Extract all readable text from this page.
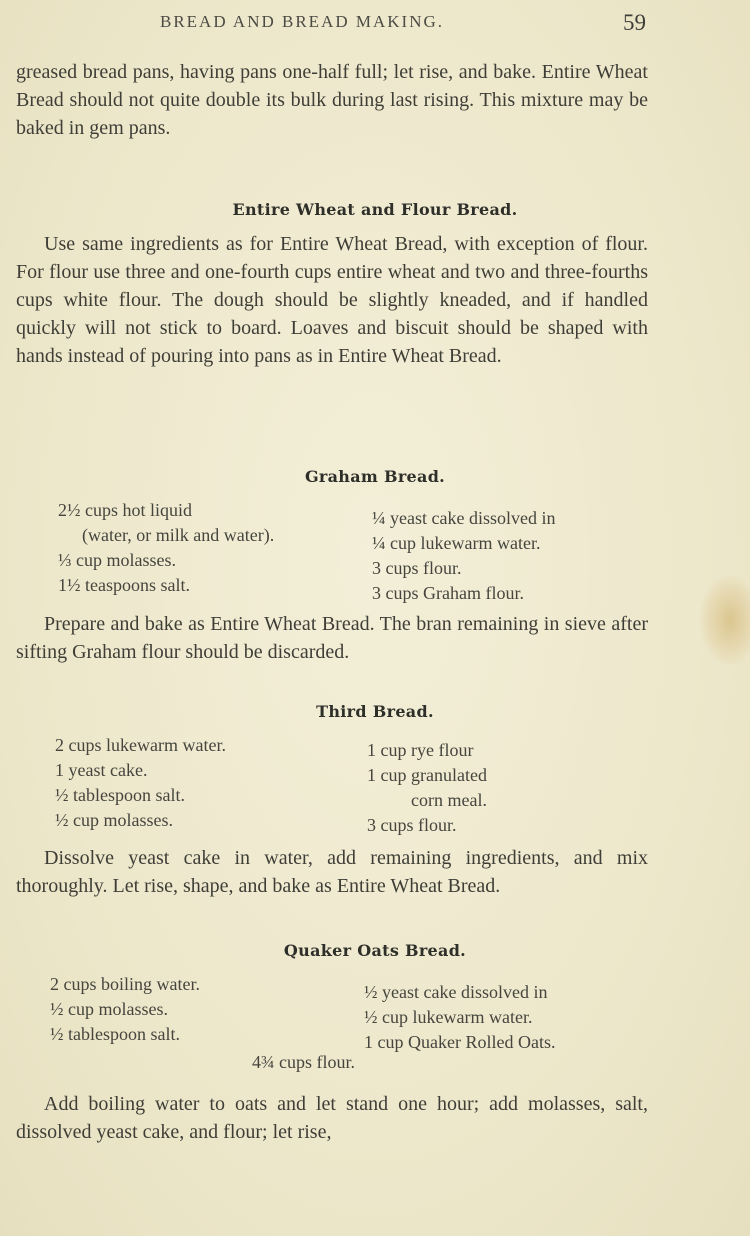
BREAD AND BREAD MAKING.	59

greased bread pans, having pans one-half full; let rise, and bake. Entire Wheat Bread should not quite double its bulk during last rising. This mixture may be baked in gem pans.

Entire Wheat and Flour Bread.

Use same ingredients as for Entire Wheat Bread, with exception of flour. For flour use three and one-fourth cups entire wheat and two and three-fourths cups white flour. The dough should be slightly kneaded, and if handled quickly will not stick to board. Loaves and biscuit should be shaped with hands instead of pouring into pans as in Entire Wheat Bread.

Graham Bread.
2½ cups hot liquid
(water, or milk and water).
⅓ cup molasses.
1½ teaspoons salt.
¼ yeast cake dissolved in
¼ cup lukewarm water.
3 cups flour.
3 cups Graham flour.

Prepare and bake as Entire Wheat Bread. The bran remaining in sieve after sifting Graham flour should be discarded.

Third Bread.
2 cups lukewarm water.
1 yeast cake.
½ tablespoon salt.
½ cup molasses.
1 cup rye flour
1 cup granulated
corn meal.
3 cups flour.

Dissolve yeast cake in water, add remaining ingredients, and mix thoroughly. Let rise, shape, and bake as Entire Wheat Bread.

Quaker Oats Bread.
2 cups boiling water.
½ cup molasses.
½ tablespoon salt.
½ yeast cake dissolved in
½ cup lukewarm water.
1 cup Quaker Rolled Oats.
4¾ cups flour.

Add boiling water to oats and let stand one hour; add molasses, salt, dissolved yeast cake, and flour; let rise,
